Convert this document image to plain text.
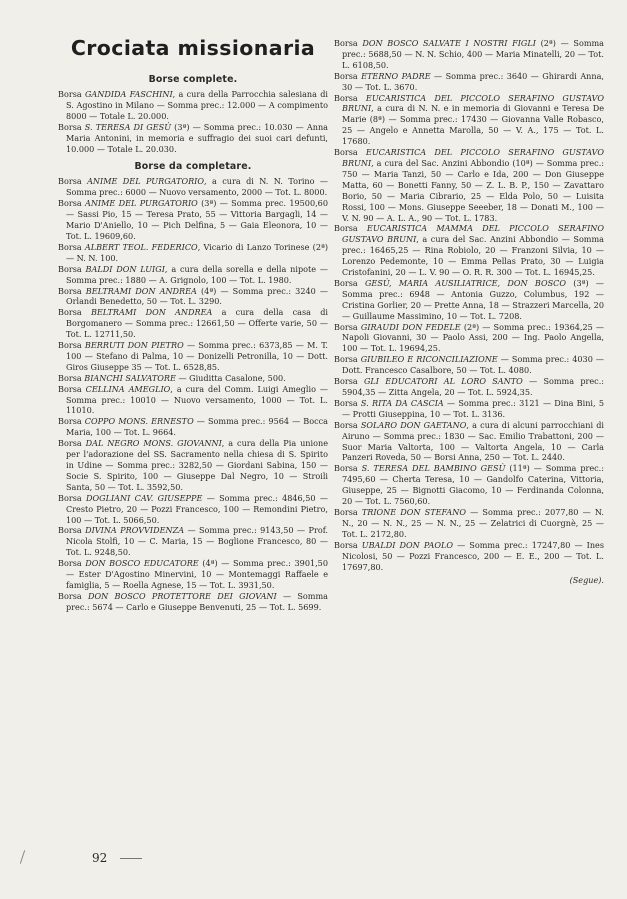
Crociata missionaria
Borse complete.

Borsa GANDIDA FASCHINI, a cura della Parrocchia salesiana di S. Agostino in Milano — Somma prec.: 12.000 — A compimento 8000 — Totale L. 20.000.

Borsa S. TERESA DI GESÙ (3ª) — Somma prec.: 10.030 — Anna Maria Antonini, in memoria e suffragio dei suoi cari defunti, 10.000 — Totale L. 20.030.

Borse da completare.

Borsa ANIME DEL PURGATORIO, a cura di N. N. Torino — Somma prec.: 6000 — Nuovo versamento, 2000 — Tot. L. 8000.

Borsa ANIME DEL PURGATORIO (3ª) — Somma prec. 19500,60 — Sassi Pio, 15 — Teresa Prato, 55 — Vittoria Bargagli, 14 — Mario D'Aniello, 10 — Pich Delfina, 5 — Gaia Eleonora, 10 — Tot. L. 19609,60.

Borsa ALBERT TEOL. FEDERICO, Vicario di Lanzo Torinese (2ª) — N. N. 100.

Borsa BALDI DON LUIGI, a cura della sorella e della nipote — Somma prec.: 1880 — A. Grignolo, 100 — Tot. L. 1980.

Borsa BELTRAMI DON ANDREA (4ª) — Somma prec.: 3240 — Orlandi Benedetto, 50 — Tot. L. 3290.

Borsa BELTRAMI DON ANDREA a cura della casa di Borgomanero — Somma prec.: 12661,50 — Offerte varie, 50 — Tot. L. 12711,50.

Borsa BERRUTI DON PIETRO — Somma prec.: 6373,85 — M. T. 100 — Stefano di Palma, 10 — Donizelli Petronilla, 10 — Dott. Giros Giuseppe 35 — Tot. L. 6528,85.

Borsa BIANCHI SALVATORE — Giuditta Casalone, 500.

Borsa CELLINA AMEGLIO, a cura del Comm. Luigi Ameglio — Somma prec.: 10010 — Nuovo versamento, 1000 — Tot. L. 11010.

Borsa COPPO MONS. ERNESTO — Somma prec.: 9564 — Bocca Maria, 100 — Tot. L. 9664.

Borsa DAL NEGRO MONS. GIOVANNI, a cura della Pia unione per l'adorazione del SS. Sacramento nella chiesa di S. Spirito in Udine — Somma prec.: 3282,50 — Giordani Sabina, 150 — Socie S. Spirito, 100 — Giuseppe Dal Negro, 10 — Stroili Santa, 50 — Tot. L. 3592,50.

Borsa DOGLIANI CAV. GIUSEPPE — Somma prec.: 4846,50 — Cresto Pietro, 20 — Pozzi Francesco, 100 — Remondini Pietro, 100 — Tot. L. 5066,50.

Borsa DIVINA PROVVIDENZA — Somma prec.: 9143,50 — Prof. Nicola Stolfi, 10 — C. Maria, 15 — Boglione Francesco, 80 — Tot. L. 9248,50.

Borsa DON BOSCO EDUCATORE (4ª) — Somma prec.: 3901,50 — Ester D'Agostino Minervini, 10 — Montemaggi Raffaele e famiglia, 5 — Roella Agnese, 15 — Tot. L. 3931,50.

Borsa DON BOSCO PROTETTORE DEI GIOVANI — Somma prec.: 5674 — Carlo e Giuseppe Benvenuti, 25 — Tot. L. 5699.

Borsa DON BOSCO SALVATE I NOSTRI FIGLI (2ª) — Somma prec.: 5688,50 — N. N. Schio, 400 — Maria Minatelli, 20 — Tot. L. 6108,50.

Borsa ETERNO PADRE — Somma prec.: 3640 — Ghirardi Anna, 30 — Tot. L. 3670.

Borsa EUCARISTICA DEL PICCOLO SERAFINO GUSTAVO BRUNI, a cura di N. N. e in memoria di Giovanni e Teresa De Marie (8ª) — Somma prec.: 17430 — Giovanna Valle Robasco, 25 — Angelo e Annetta Marolla, 50 — V. A., 175 — Tot. L. 17680.

Borsa EUCARISTICA DEL PICCOLO SERAFINO GUSTAVO BRUNI, a cura del Sac. Anzini Abbondio (10ª) — Somma prec.: 750 — Maria Tanzi, 50 — Carlo e Ida, 200 — Don Giuseppe Matta, 60 — Bonetti Fanny, 50 — Z. L. B. P., 150 — Zavattaro Borio, 50 — Maria Cibrario, 25 — Elda Polo, 50 — Luisita Rossi, 100 — Mons. Giuseppe Seeeber, 18 — Donati M., 100 — V. N. 90 — A. L. A., 90 — Tot. L. 1783.

Borsa EUCARISTICA MAMMA DEL PICCOLO SERAFINO GUSTAVO BRUNI, a cura del Sac. Anzini Abbondio — Somma prec.: 16465,25 — Rina Robiolo, 20 — Franzoni Silvia, 10 — Lorenzo Pedemonte, 10 — Emma Pellas Prato, 30 — Luigia Cristofanini, 20 — L. V. 90 — O. R. R. 300 — Tot. L. 16945,25.

Borsa GESÙ, MARIA AUSILIATRICE, DON BOSCO (3ª) — Somma prec.: 6948 — Antonia Guzzo, Columbus, 192 — Cristina Gorlier, 20 — Prette Anna, 18 — Strazzeri Marcella, 20 — Guillaume Massimino, 10 — Tot. L. 7208.

Borsa GIRAUDI DON FEDELE (2ª) — Somma prec.: 19364,25 — Napoli Giovanni, 30 — Paolo Assi, 200 — Ing. Paolo Angella, 100 — Tot. L. 19694,25.

Borsa GIUBILEO E RICONCILIAZIONE — Somma prec.: 4030 — Dott. Francesco Casalbore, 50 — Tot. L. 4080.

Borsa GLI EDUCATORI AL LORO SANTO — Somma prec.: 5904,35 — Zitta Angela, 20 — Tot. L. 5924,35.

Borsa S. RITA DA CASCIA — Somma prec.: 3121 — Dina Bini, 5 — Protti Giuseppina, 10 — Tot. L. 3136.

Borsa SOLARO DON GAETANO, a cura di alcuni parrocchiani di Airuno — Somma prec.: 1830 — Sac. Emilio Trabattoni, 200 — Suor Maria Valtorta, 100 — Valtorta Angela, 10 — Carla Panzeri Roveda, 50 — Borsi Anna, 250 — Tot. L. 2440.

Borsa S. TERESA DEL BAMBINO GESÙ (11ª) — Somma prec.: 7495,60 — Cherta Teresa, 10 — Gandolfo Caterina, Vittoria, Giuseppe, 25 — Bignotti Giacomo, 10 — Ferdinanda Colonna, 20 — Tot. L. 7560,60.

Borsa TRIONE DON STEFANO — Somma prec.: 2077,80 — N. N., 20 — N. N., 25 — N. N., 25 — Zelatrici di Cuorgnè, 25 — Tot. L. 2172,80.

Borsa UBALDI DON PAOLO — Somma prec.: 17247,80 — Ines Nicolosi, 50 — Pozzi Francesco, 200 — E. E., 200 — Tot. L. 17697,80.

(Segue).
92
